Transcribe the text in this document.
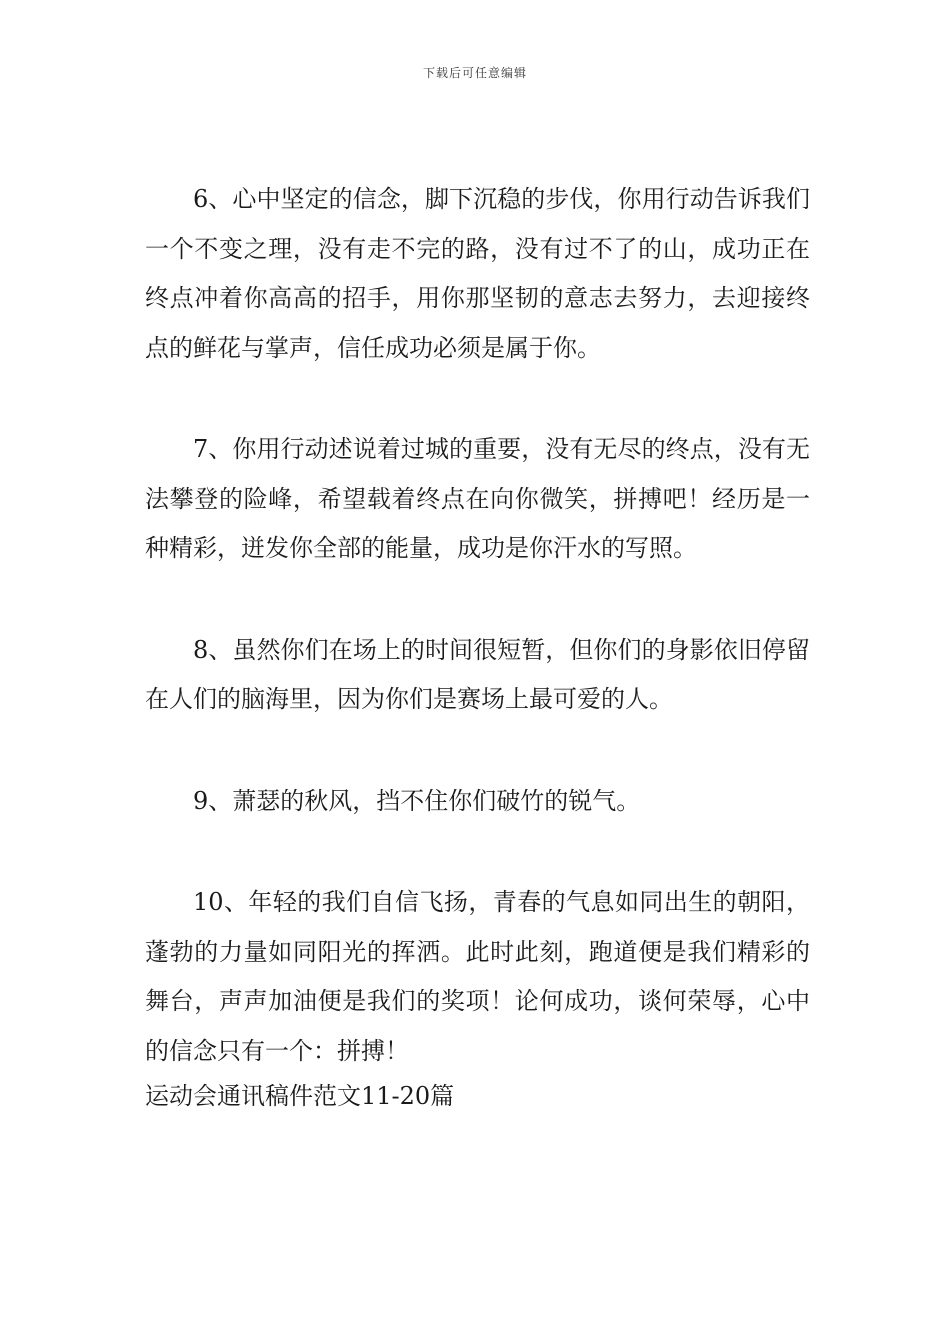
下载后可任意编辑

6、心中坚定的信念，脚下沉稳的步伐，你用行动告诉我们一个不变之理，没有走不完的路，没有过不了的山，成功正在终点冲着你高高的招手，用你那坚韧的意志去努力，去迎接终点的鲜花与掌声，信任成功必须是属于你。

7、你用行动述说着过城的重要，没有无尽的终点，没有无法攀登的险峰，希望载着终点在向你微笑，拼搏吧！经历是一种精彩，迸发你全部的能量，成功是你汗水的写照。

8、虽然你们在场上的时间很短暂，但你们的身影依旧停留在人们的脑海里，因为你们是赛场上最可爱的人。

9、萧瑟的秋风，挡不住你们破竹的锐气。

10、年轻的我们自信飞扬，青春的气息如同出生的朝阳，蓬勃的力量如同阳光的挥洒。此时此刻，跑道便是我们精彩的舞台，声声加油便是我们的奖项！论何成功，谈何荣辱，心中的信念只有一个：拼搏！

运动会通讯稿件范文11-20篇
